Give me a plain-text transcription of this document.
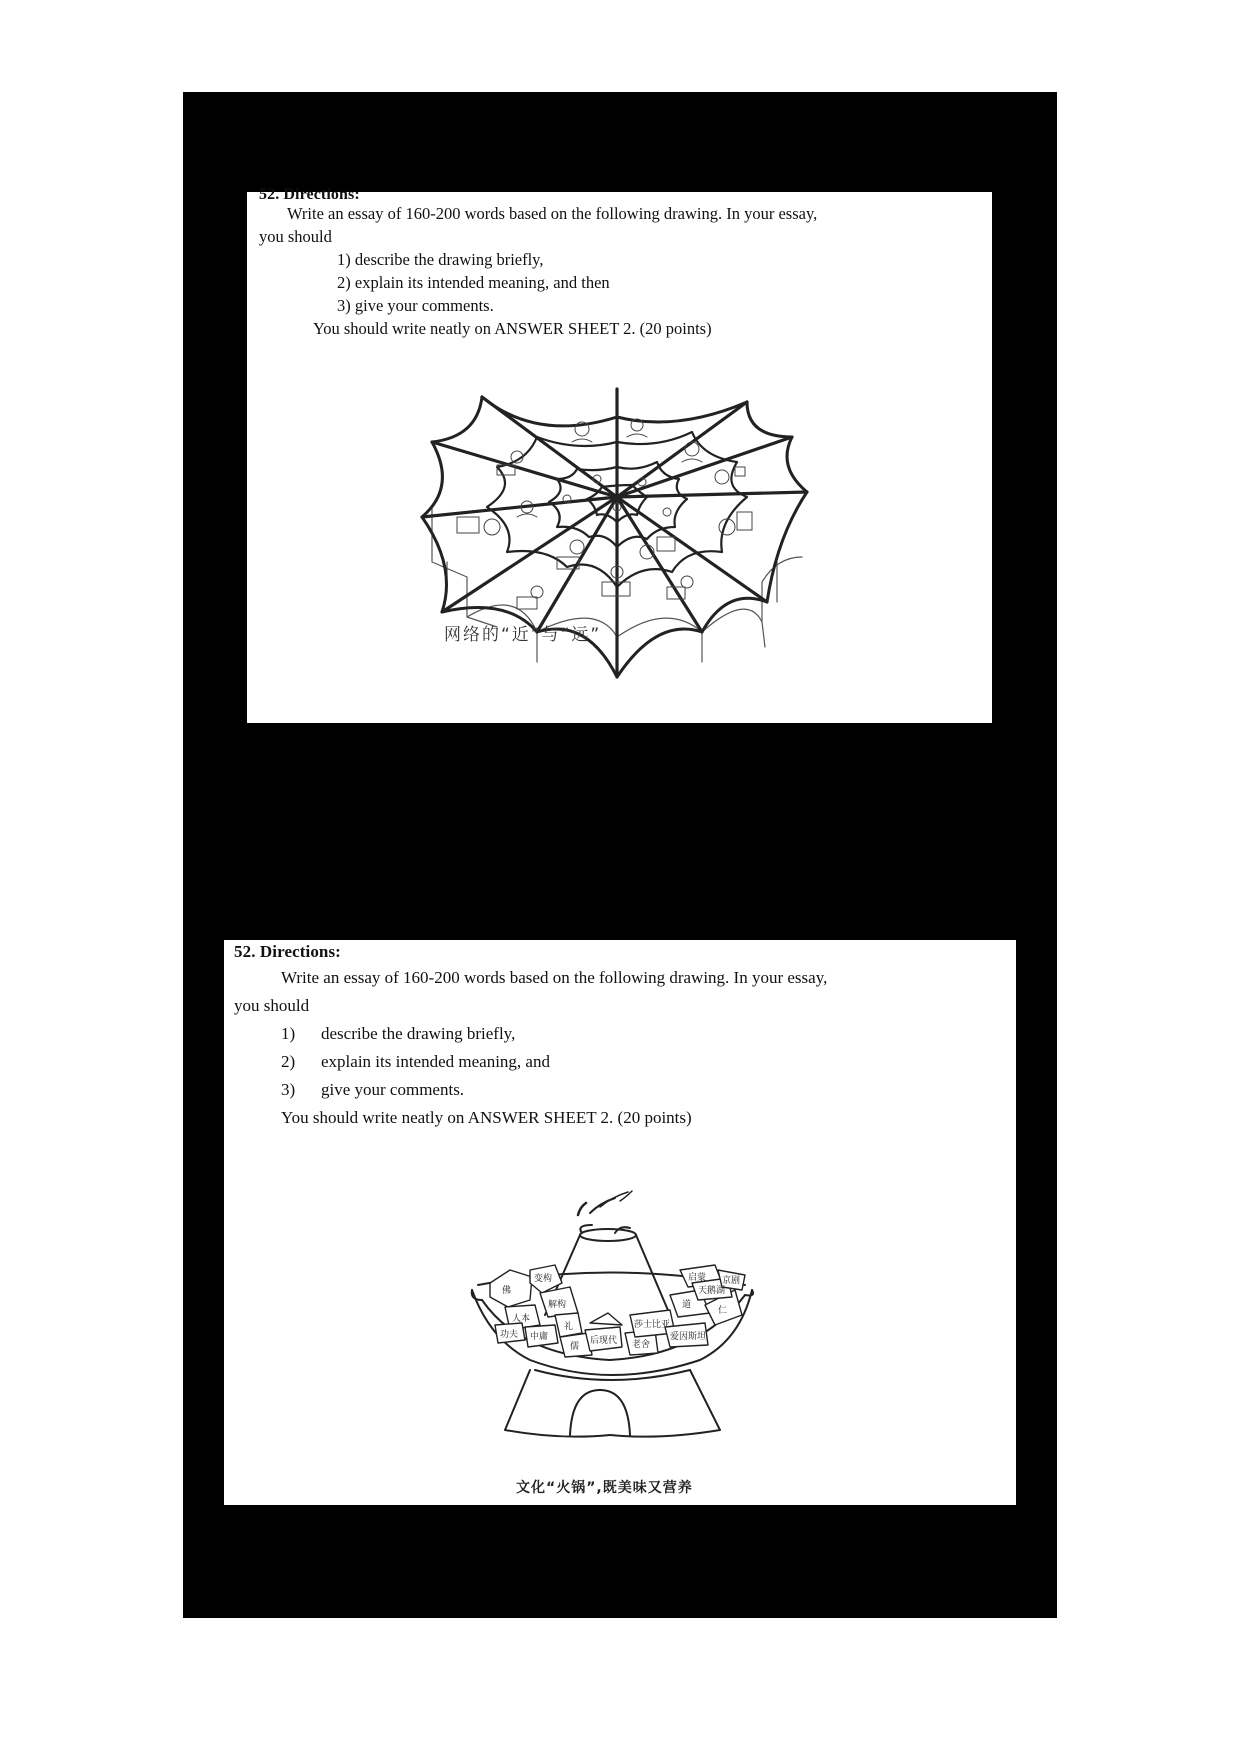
52. Directions:
Write an essay of 160-200 words based on the following drawing. In your essay,
you should
1) describe the drawing briefly,
2) explain its intended meaning, and then
3) give your comments.
You should write neatly on ANSWER SHEET 2. (20 points)
网络的“近”与“远”
52. Directions:
Write an essay of 160-200 words based on the following drawing. In your essay,
you should
1) describe the drawing briefly,
2) explain its intended meaning, and
3) give your comments.
You should write neatly on ANSWER SHEET 2. (20 points)
佛
变构
解构
人本
功夫 中庸
礼
儒
后现代 老舍
莎士比亚
爱因斯坦
道
仁
启蒙
天鹅湖
京剧
文化“火锅”,既美味又营养
